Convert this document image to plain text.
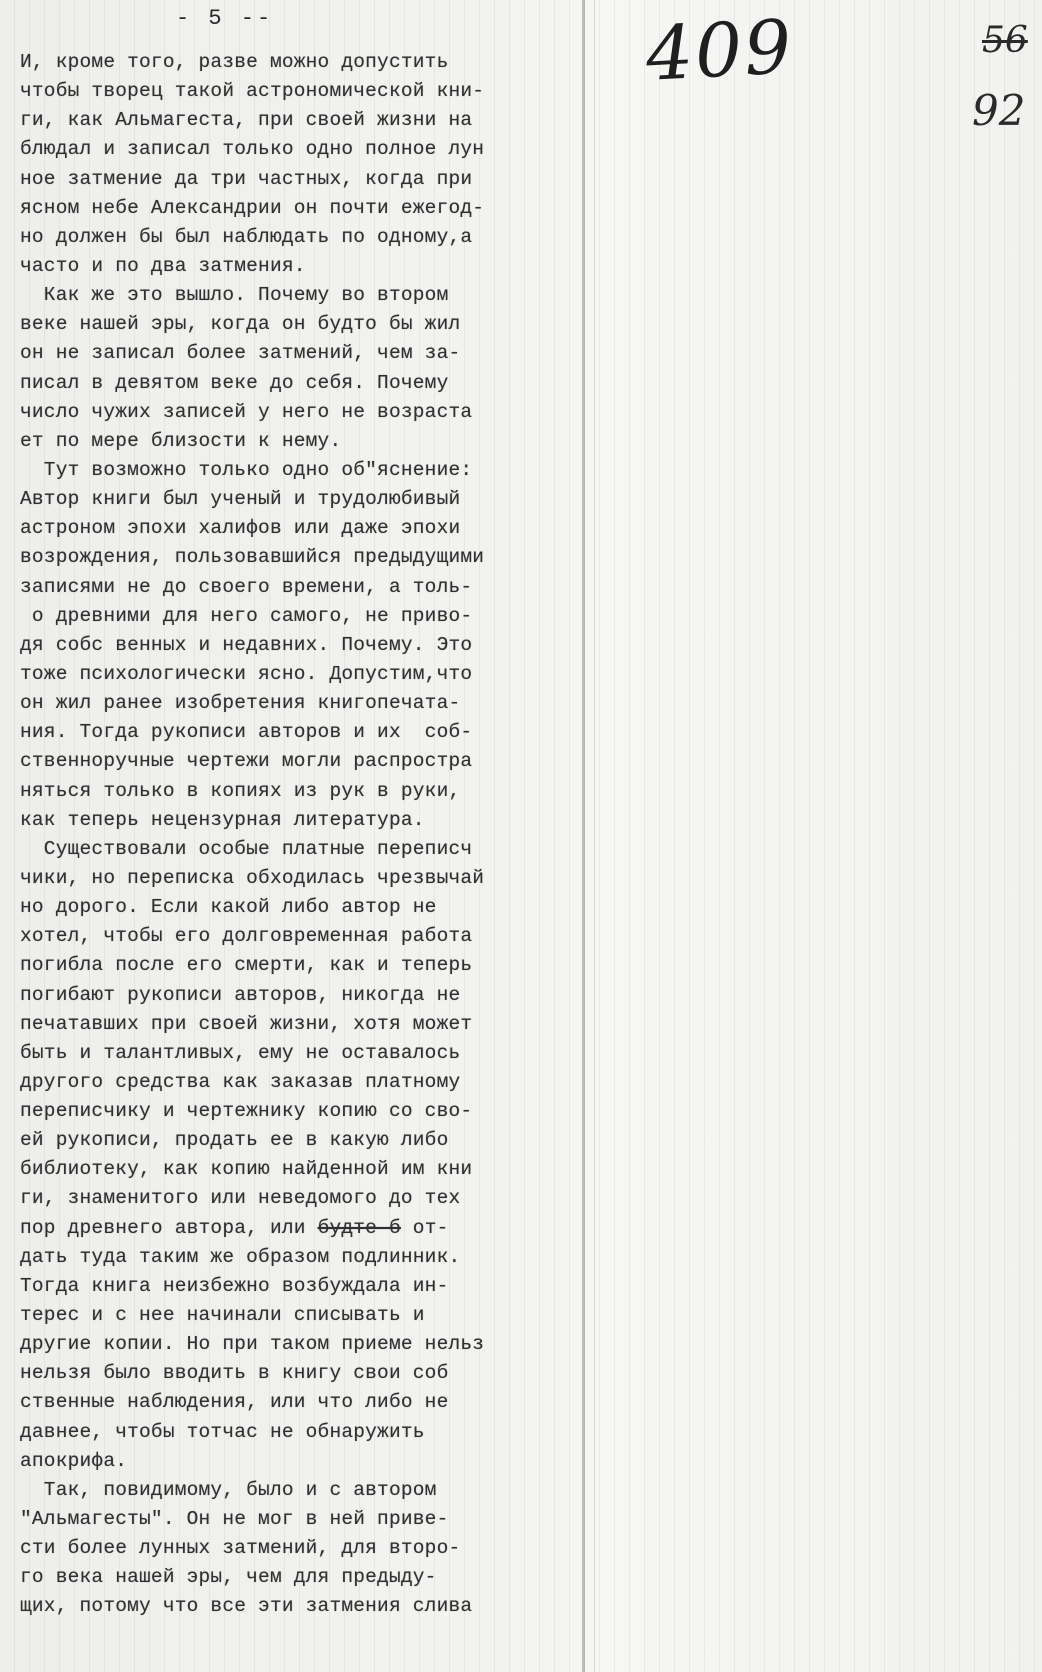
- 5 --
И, кроме того, разве можно допустить
чтобы творец такой астрономической кни-
ги, как Альмагеста, при своей жизни на
блюдал и записал только одно полное лун
ное затмение да три частных, когда при
ясном небе Александрии он почти ежегод-
но должен бы был наблюдать по одному,а
часто и по два затмения.
Как же это вышло. Почему во втором
веке нашей эры, когда он будто бы жил
он не записал более затмений, чем за-
писал в девятом веке до себя. Почему
число чужих записей у него не возраста
ет по мере близости к нему.
Тут возможно только одно об"яснение:
Автор книги был ученый и трудолюбивый
астроном эпохи халифов или даже эпохи
возрождения, пользовавшийся предыдущими
записями не до своего времени, а толь-
о древними для него самого, не приво-
дя собс венных и недавних. Почему. Это
тоже психологически ясно. Допустим,что
он жил ранее изобретения книгопечата-
ния. Тогда рукописи авторов и их  соб-
ственноручные чертежи могли распростра
няться только в копиях из рук в руки,
как теперь нецензурная литература.
Существовали особые платные переписч
чики, но переписка обходилась чрезвычай
но дорого. Если какой либо автор не
хотел, чтобы его долговременная работа
погибла после его смерти, как и теперь
погибают рукописи авторов, никогда не
печатавших при своей жизни, хотя может
быть и талантливых, ему не оставалось
другого средства как заказав платному
переписчику и чертежнику копию со сво-
ей рукописи, продать ее в какую либо
библиотеку, как копию найденной им кни
ги, знаменитого или неведомого до тех
пор древнего автора, или будте б от-
дать туда таким же образом подлинник.
Тогда книга неизбежно возбуждала ин-
терес и с нее начинали списывать и
другие копии. Но при таком приеме нельз
нельзя было вводить в книгу свои соб
ственные наблюдения, или что либо не
давнее, чтобы тотчас не обнаружить
апокрифа.
Так, повидимому, было и с автором
"Альмагесты". Он не мог в ней приве-
сти более лунных затмений, для второ-
го века нашей эры, чем для предыду-
щих, потому что все эти затмения слива
409	56
92
